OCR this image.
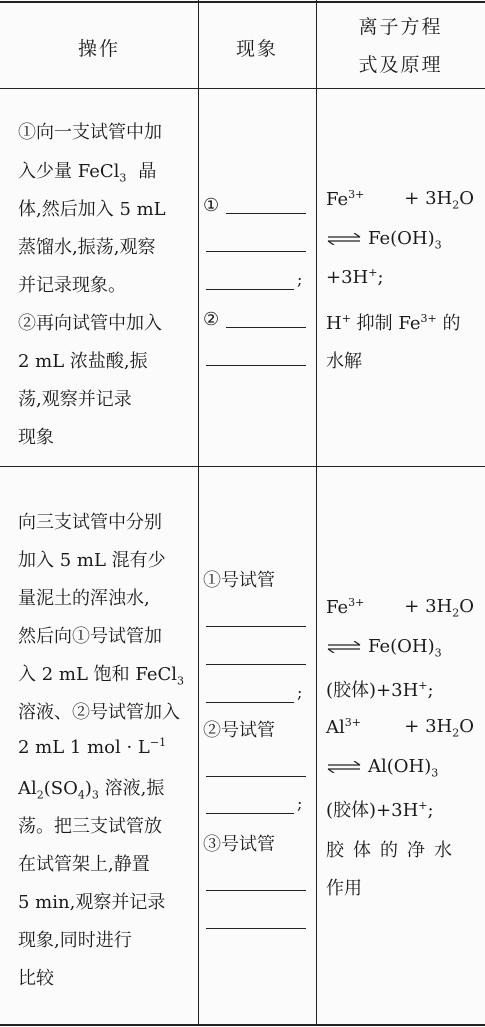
操作	现象
离子方程
式及原理
①向一支试管中加
入少量 FeCl$_3$ 晶
体,然后加入 5 mL
蒸馏水,振荡,观察
并记录现象。
②再向试管中加入
2 mL 浓盐酸,振
荡,观察并记录
现象
①
;
②
$Fe^{3+} + 3H_2O$
⇌ $Fe(OH)_3$
+3H+;
H+ 抑制 $Fe^{3+}$ 的
水解
向三支试管中分别
加入 5 mL 混有少
量泥土的浑浊水,
然后向①号试管加
入 2 mL 饱和 FeCl$_3$
溶液、②号试管加入
2 mL 1 mol · $L^{-1}$
$Al_2(SO_4)_3$ 溶液,振
荡。把三支试管放
在试管架上,静置
5 min,观察并记录
现象,同时进行
比较
①号试管
;
②号试管
;
③号试管
$Fe^{3+} + 3H_2O$
⇌ $Fe(OH)_3$
(胶体)+3H+;
$Al^{3+} + 3H_2O$
⇌ $Al(OH)_3$
(胶体)+3H+;
胶体的净水
作用
